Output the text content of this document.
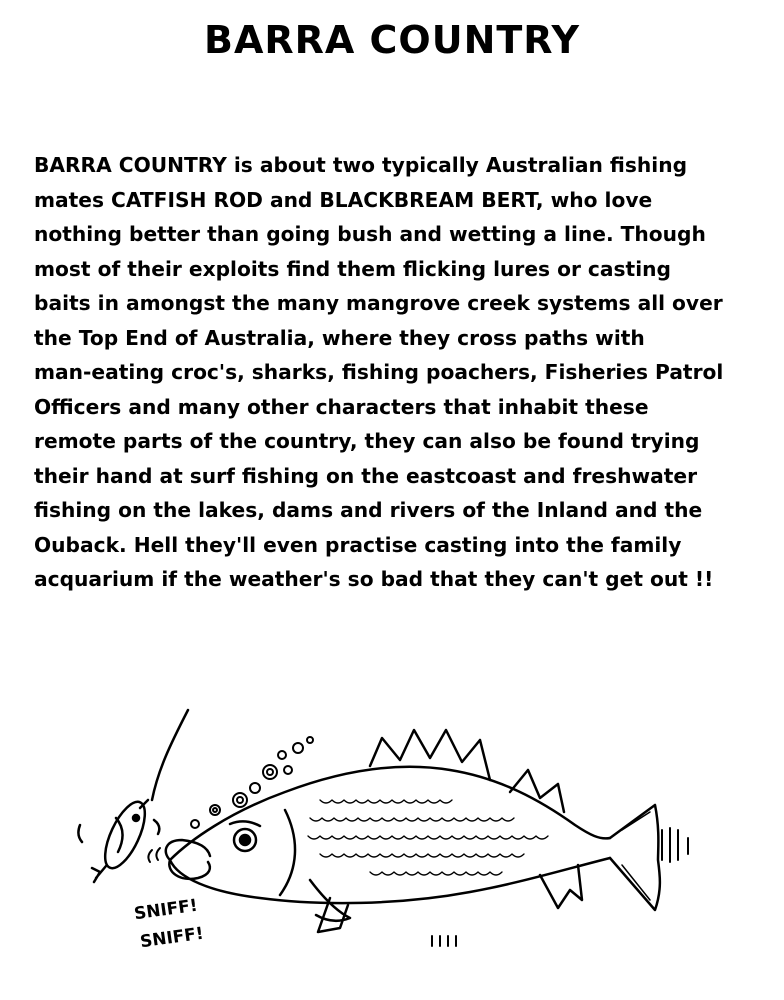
BARRA COUNTRY
BARRA COUNTRY is about two typically Australian fishing
mates CATFISH ROD and BLACKBREAM BERT, who love
nothing better than going bush and wetting a line. Though
most of their exploits find them flicking lures or casting
baits in amongst the many mangrove creek systems all over
the Top End of Australia, where they cross paths with
man-eating croc's, sharks, fishing poachers, Fisheries Patrol
Officers and many other characters that inhabit these
remote parts of the country, they can also be found trying
their hand at surf fishing on the eastcoast and freshwater
fishing on the lakes, dams and rivers of the Inland and the
Ouback. Hell they'll even practise casting into the family
acquarium if the weather's so bad that they can't get out !!
SNIFF!
SNIFF!
